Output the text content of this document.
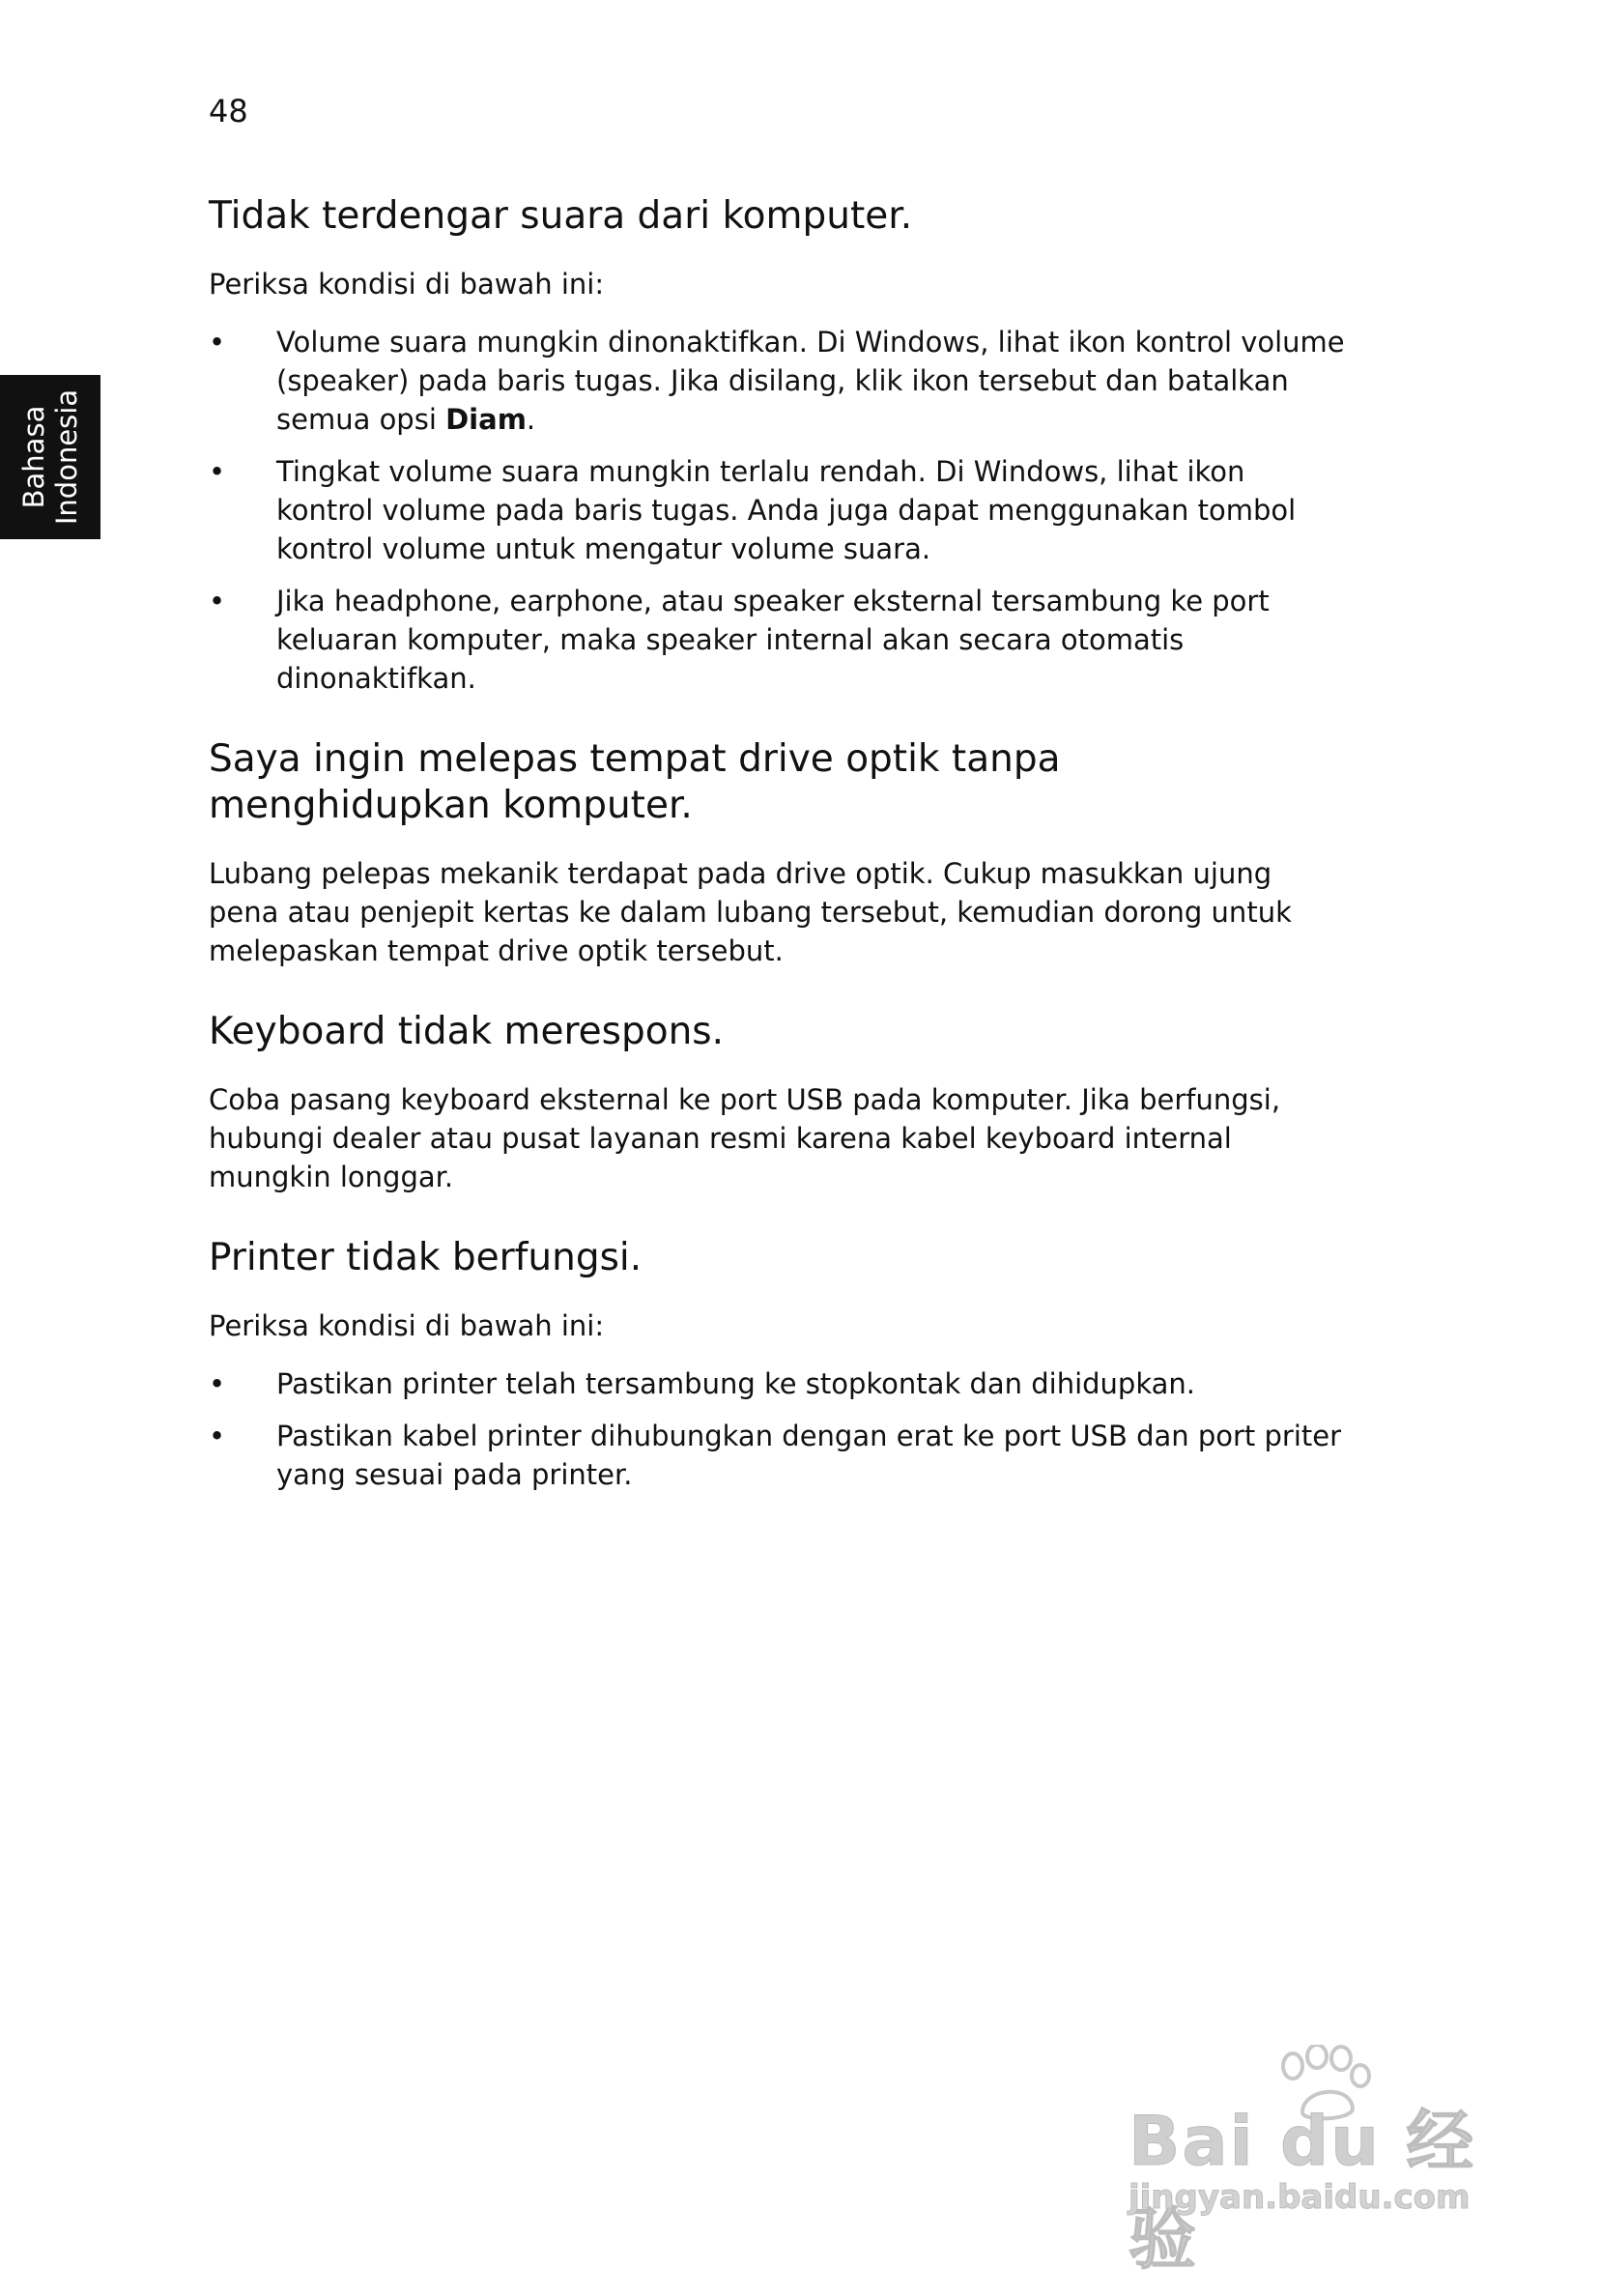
48
Bahasa Indonesia
Tidak terdengar suara dari komputer.

Periksa kondisi di bawah ini:

• Volume suara mungkin dinonaktifkan. Di Windows, lihat ikon kontrol volume (speaker) pada baris tugas. Jika disilang, klik ikon tersebut dan batalkan semua opsi Diam.
• Tingkat volume suara mungkin terlalu rendah. Di Windows, lihat ikon kontrol volume pada baris tugas. Anda juga dapat menggunakan tombol kontrol volume untuk mengatur volume suara.
• Jika headphone, earphone, atau speaker eksternal tersambung ke port keluaran komputer, maka speaker internal akan secara otomatis dinonaktifkan.
Saya ingin melepas tempat drive optik tanpa menghidupkan komputer.

Lubang pelepas mekanik terdapat pada drive optik. Cukup masukkan ujung pena atau penjepit kertas ke dalam lubang tersebut, kemudian dorong untuk melepaskan tempat drive optik tersebut.

Keyboard tidak merespons.

Coba pasang keyboard eksternal ke port USB pada komputer. Jika berfungsi, hubungi dealer atau pusat layanan resmi karena kabel keyboard internal mungkin longgar.

Printer tidak berfungsi.

Periksa kondisi di bawah ini:

• Pastikan printer telah tersambung ke stopkontak dan dihidupkan.
• Pastikan kabel printer dihubungkan dengan erat ke port USB dan port priter yang sesuai pada printer.
Bai du 经验
jingyan.baidu.com
